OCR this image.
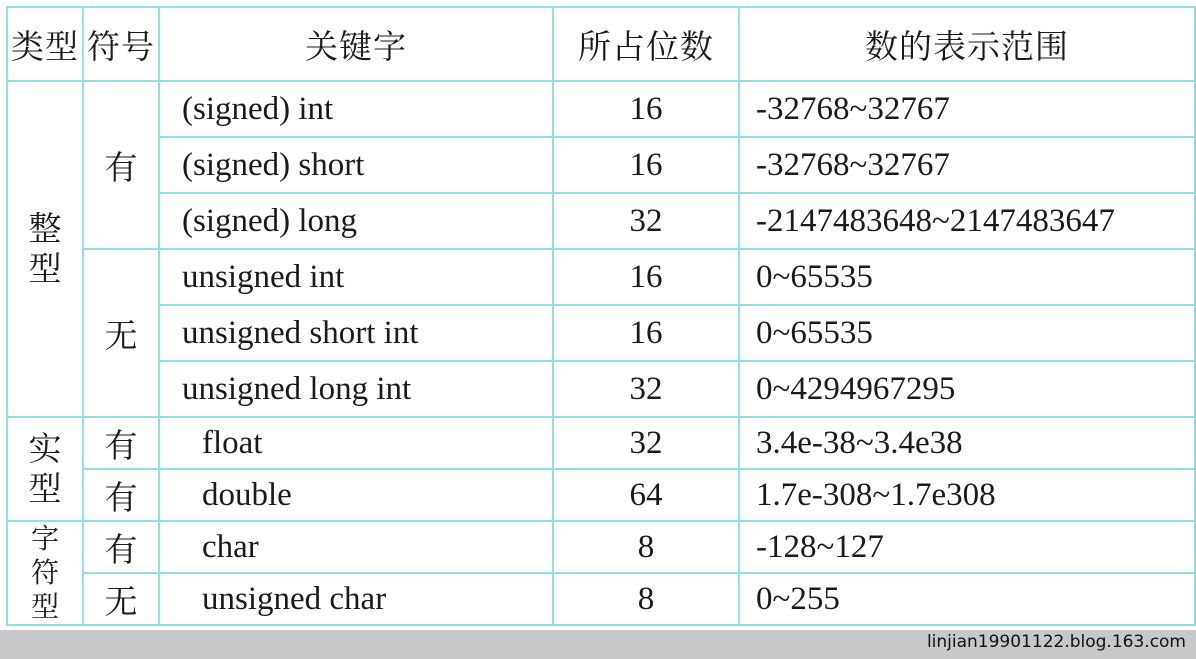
类型	符号	关键字	所占位数	数的表示范围

整
型	有	(signed) int	16	-32768~32767
		(signed) short	16	-32768~32767
		(signed) long	32	-2147483648~2147483647
	无	unsigned int	16	0~65535
		unsigned short int	16	0~65535
		unsigned long int	32	0~4294967295

实
型	有	float	32	3.4e-38~3.4e38
	有	double	64	1.7e-308~1.7e308

字
符
型	有	char	8	-128~127
	无	unsigned char	8	0~255
linjian19901122.blog.163.com
